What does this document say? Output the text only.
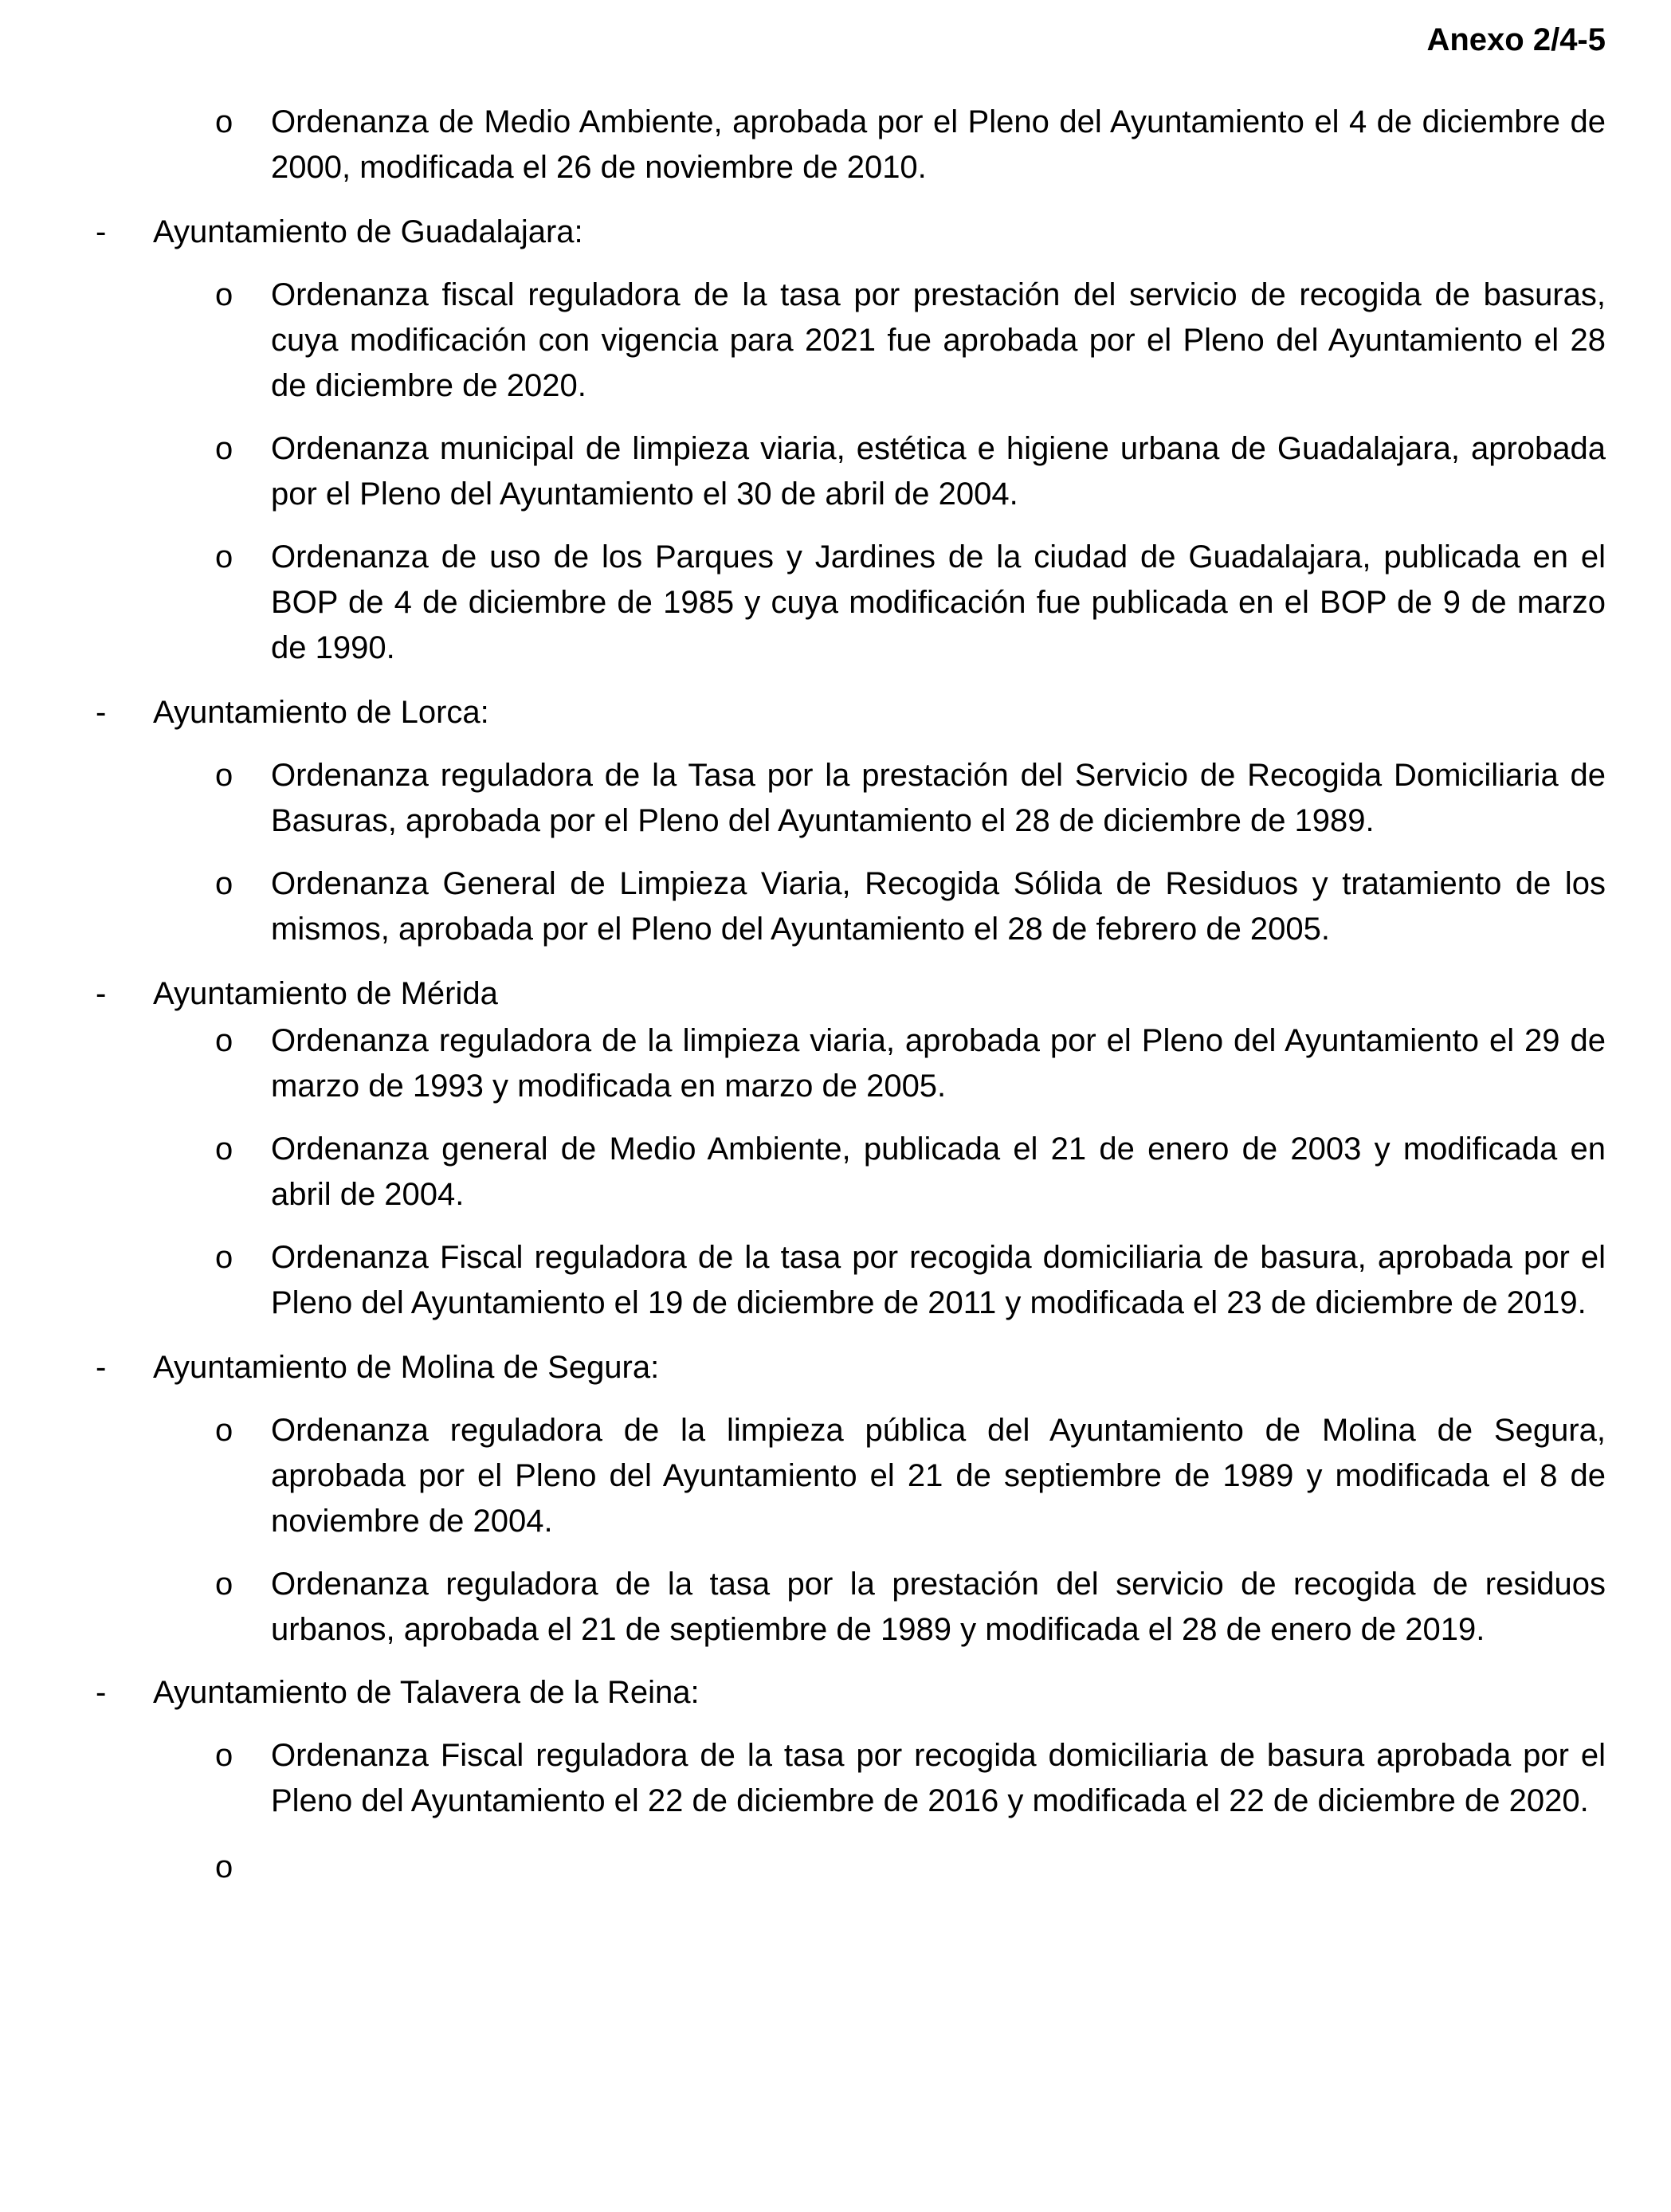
Anexo 2/4-5
o Ordenanza de Medio Ambiente, aprobada por el Pleno del Ayuntamiento el 4 de diciembre de 2000, modificada el 26 de noviembre de 2010.
- Ayuntamiento de Guadalajara:
o Ordenanza fiscal reguladora de la tasa por prestación del servicio de recogida de basuras, cuya modificación con vigencia para 2021 fue aprobada por el Pleno del Ayuntamiento el 28 de diciembre de 2020.
o Ordenanza municipal de limpieza viaria, estética e higiene urbana de Guadalajara, aprobada por el Pleno del Ayuntamiento el 30 de abril de 2004.
o Ordenanza de uso de los Parques y Jardines de la ciudad de Guadalajara, publicada en el BOP de 4 de diciembre de 1985 y cuya modificación fue publicada en el BOP de 9 de marzo de 1990.
- Ayuntamiento de Lorca:
o Ordenanza reguladora de la Tasa por la prestación del Servicio de Recogida Domiciliaria de Basuras, aprobada por el Pleno del Ayuntamiento el 28 de diciembre de 1989.
o Ordenanza General de Limpieza Viaria, Recogida Sólida de Residuos y tratamiento de los mismos, aprobada por el Pleno del Ayuntamiento el 28 de febrero de 2005.
- Ayuntamiento de Mérida
o Ordenanza reguladora de la limpieza viaria, aprobada por el Pleno del Ayuntamiento el 29 de marzo de 1993 y modificada en marzo de 2005.
o Ordenanza general de Medio Ambiente, publicada el 21 de enero de 2003 y modificada en abril de 2004.
o Ordenanza Fiscal reguladora de la tasa por recogida domiciliaria de basura, aprobada por el Pleno del Ayuntamiento el 19 de diciembre de 2011 y modificada el 23 de diciembre de 2019.
- Ayuntamiento de Molina de Segura:
o Ordenanza reguladora de la limpieza pública del Ayuntamiento de Molina de Segura, aprobada por el Pleno del Ayuntamiento el 21 de septiembre de 1989 y modificada el 8 de noviembre de 2004.
o Ordenanza reguladora de la tasa por la prestación del servicio de recogida de residuos urbanos, aprobada el 21 de septiembre de 1989 y modificada el 28 de enero de 2019.
- Ayuntamiento de Talavera de la Reina:
o Ordenanza Fiscal reguladora de la tasa por recogida domiciliaria de basura aprobada por el Pleno del Ayuntamiento el 22 de diciembre de 2016 y modificada el 22 de diciembre de 2020.
o
